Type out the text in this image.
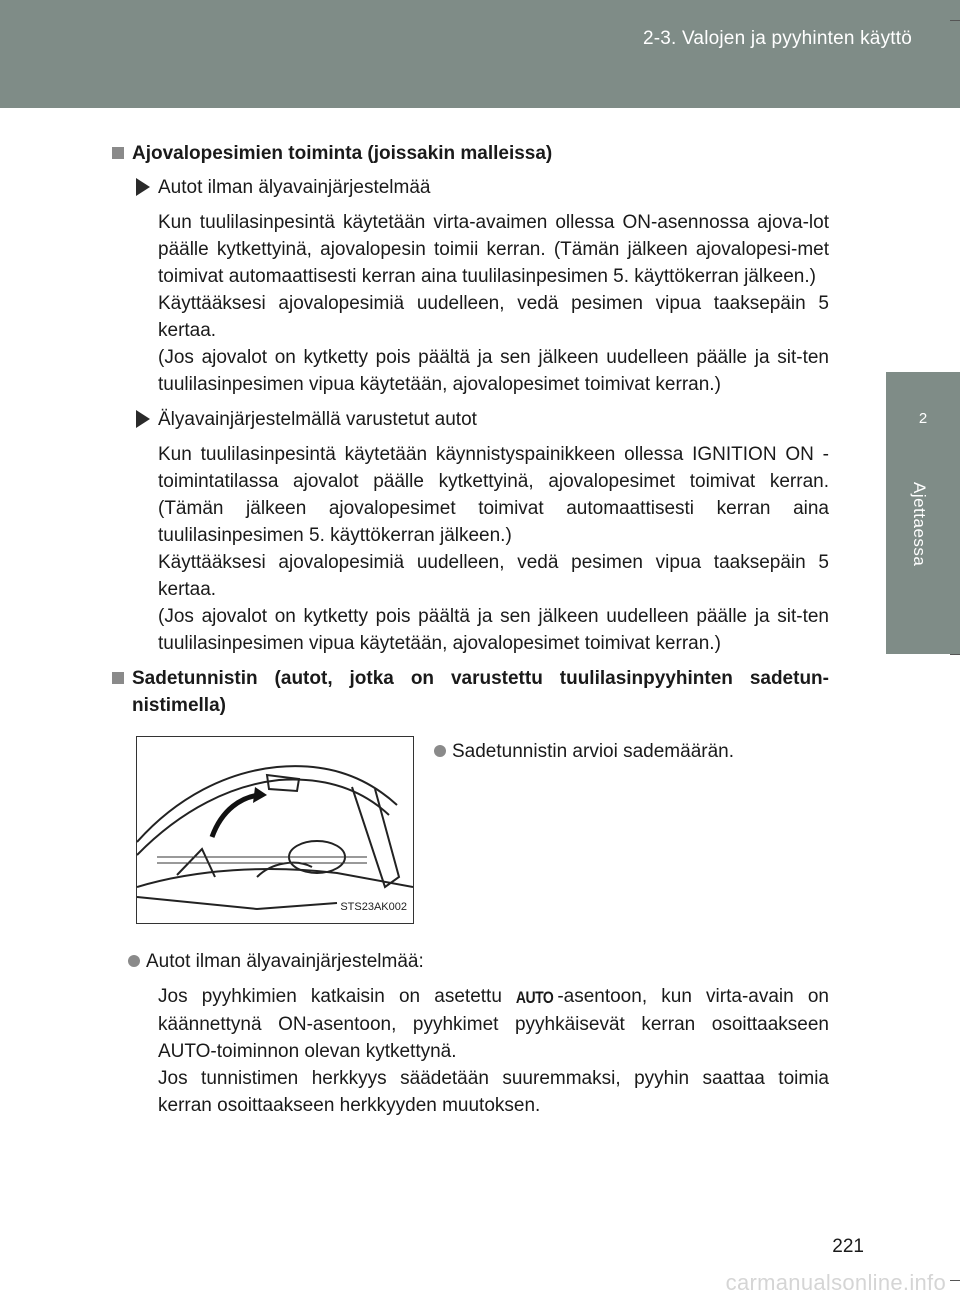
2-3. Valojen ja pyyhinten käyttö
2
Ajettaessa
Ajovalopesimien toiminta (joissakin malleissa)
Autot ilman älyavainjärjestelmää

Kun tuulilasinpesintä käytetään virta-avaimen ollessa ON-asennossa ajova-lot päälle kytkettyinä, ajovalopesin toimii kerran. (Tämän jälkeen ajovalopesi-met toimivat automaattisesti kerran aina tuulilasinpesimen 5. käyttökerran jälkeen.)

Käyttääksesi ajovalopesimiä uudelleen, vedä pesimen vipua taaksepäin 5 kertaa.

(Jos ajovalot on kytketty pois päältä ja sen jälkeen uudelleen päälle ja sit-ten tuulilasinpesimen vipua käytetään, ajovalopesimet toimivat kerran.)

Älyavainjärjestelmällä varustetut autot

Kun tuulilasinpesintä käytetään käynnistyspainikkeen ollessa IGNITION ON -toimintatilassa ajovalot päälle kytkettyinä, ajovalopesimet toimivat kerran. (Tämän jälkeen ajovalopesimet toimivat automaattisesti kerran aina tuulilasinpesimen 5. käyttökerran jälkeen.)

Käyttääksesi ajovalopesimiä uudelleen, vedä pesimen vipua taaksepäin 5 kertaa.

(Jos ajovalot on kytketty pois päältä ja sen jälkeen uudelleen päälle ja sit-ten tuulilasinpesimen vipua käytetään, ajovalopesimet toimivat kerran.)

Sadetunnistin (autot, jotka on varustettu tuulilasinpyyhinten sadetun-nistimella)
STS23AK002
Sadetunnistin arvioi sademäärän.
Autot ilman älyavainjärjestelmää:

Jos pyyhkimien katkaisin on asetettu AUTO -asentoon, kun virta-avain on käännettynä ON-asentoon, pyyhkimet pyyhkäisevät kerran osoittaakseen AUTO-toiminnon olevan kytkettynä.

Jos tunnistimen herkkyys säädetään suuremmaksi, pyyhin saattaa toimia kerran osoittaakseen herkkyyden muutoksen.

221
carmanualsonline.info
